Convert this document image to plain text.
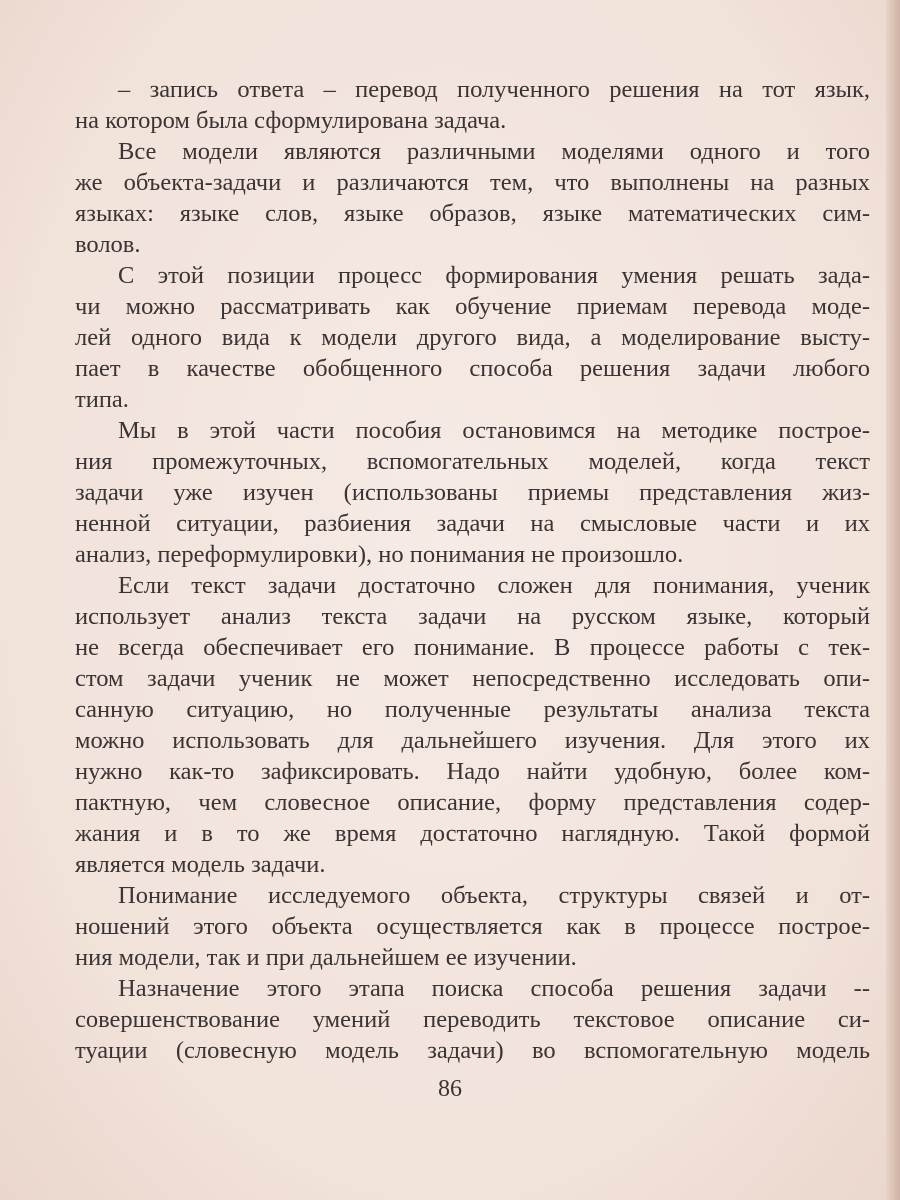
– запись ответа – перевод полученного решения на тот язык,
на котором была сформулирована задача.
Все модели являются различными моделями одного и того
же объекта-задачи и различаются тем, что выполнены на разных
языках: языке слов, языке образов, языке математических сим-
волов.
С этой позиции процесс формирования умения решать зада-
чи можно рассматривать как обучение приемам перевода моде-
лей одного вида к модели другого вида, а моделирование высту-
пает в качестве обобщенного способа решения задачи любого
типа.
Мы в этой части пособия остановимся на методике построе-
ния промежуточных, вспомогательных моделей, когда текст
задачи уже изучен (использованы приемы представления жиз-
ненной ситуации, разбиения задачи на смысловые части и их
анализ, переформулировки), но понимания не произошло.
Если текст задачи достаточно сложен для понимания, ученик
использует анализ текста задачи на русском языке, который
не всегда обеспечивает его понимание. В процессе работы с тек-
стом задачи ученик не может непосредственно исследовать опи-
санную ситуацию, но полученные результаты анализа текста
можно использовать для дальнейшего изучения. Для этого их
нужно как-то зафиксировать. Надо найти удобную, более ком-
пактную, чем словесное описание, форму представления содер-
жания и в то же время достаточно наглядную. Такой формой
является модель задачи.
Понимание исследуемого объекта, структуры связей и от-
ношений этого объекта осуществляется как в процессе построе-
ния модели, так и при дальнейшем ее изучении.
Назначение этого этапа поиска способа решения задачи --
совершенствование умений переводить текстовое описание си-
туации (словесную модель задачи) во вспомогательную модель
86
